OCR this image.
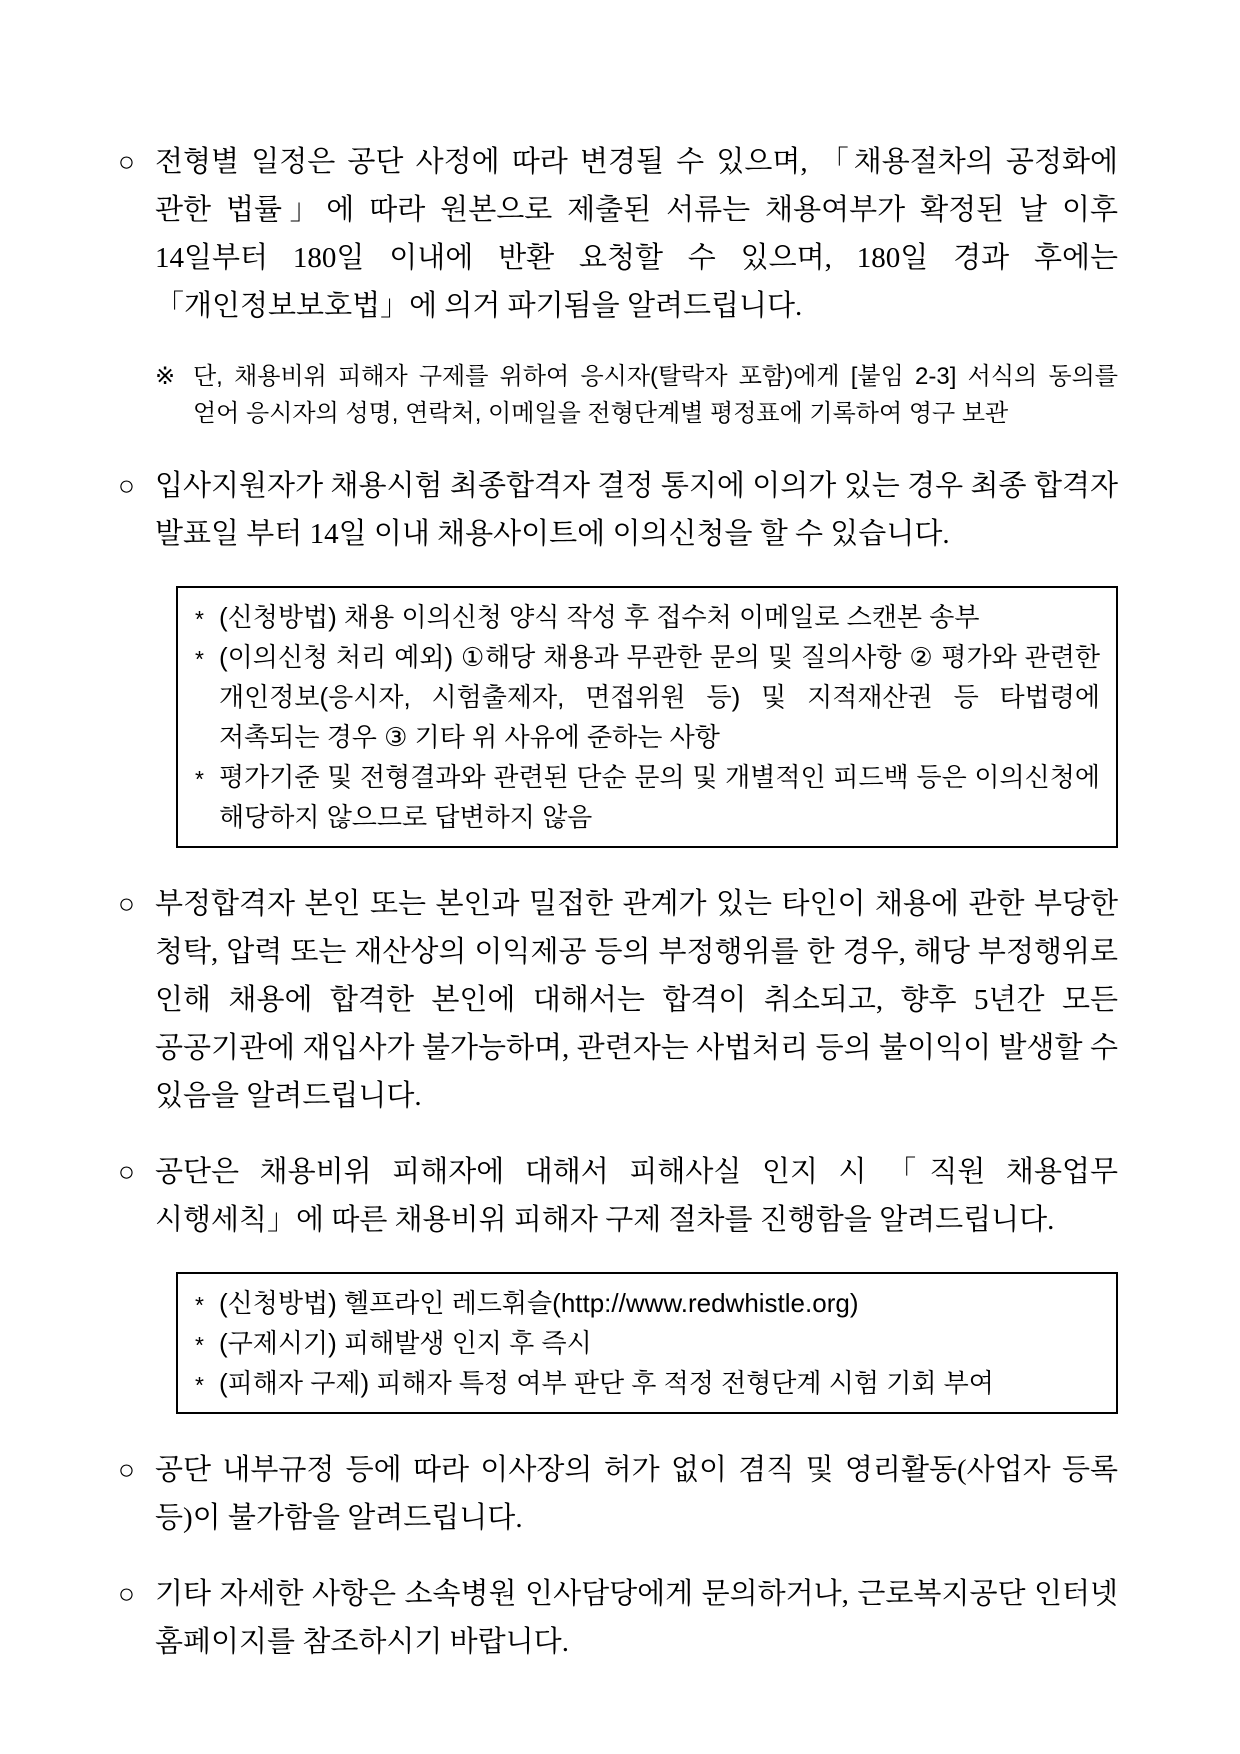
○ 전형별 일정은 공단 사정에 따라 변경될 수 있으며, 「채용절차의 공정화에 관한 법률」에 따라 원본으로 제출된 서류는 채용여부가 확정된 날 이후 14일부터 180일 이내에 반환 요청할 수 있으며, 180일 경과 후에는 「개인정보보호법」에 의거 파기됨을 알려드립니다.
※ 단, 채용비위 피해자 구제를 위하여 응시자(탈락자 포함)에게 [붙임 2-3] 서식의 동의를 얻어 응시자의 성명, 연락처, 이메일을 전형단계별 평정표에 기록하여 영구 보관
○ 입사지원자가 채용시험 최종합격자 결정 통지에 이의가 있는 경우 최종 합격자 발표일 부터 14일 이내 채용사이트에 이의신청을 할 수 있습니다.
* (신청방법) 채용 이의신청 양식 작성 후 접수처 이메일로 스캔본 송부
* (이의신청 처리 예외) ①해당 채용과 무관한 문의 및 질의사항 ② 평가와 관련한 개인정보(응시자, 시험출제자, 면접위원 등) 및 지적재산권 등 타법령에 저촉되는 경우 ③ 기타 위 사유에 준하는 사항
* 평가기준 및 전형결과와 관련된 단순 문의 및 개별적인 피드백 등은 이의신청에 해당하지 않으므로 답변하지 않음
○ 부정합격자 본인 또는 본인과 밀접한 관계가 있는 타인이 채용에 관한 부당한 청탁, 압력 또는 재산상의 이익제공 등의 부정행위를 한 경우, 해당 부정행위로 인해 채용에 합격한 본인에 대해서는 합격이 취소되고, 향후 5년간 모든 공공기관에 재입사가 불가능하며, 관련자는 사법처리 등의 불이익이 발생할 수 있음을 알려드립니다.
○ 공단은 채용비위 피해자에 대해서 피해사실 인지 시 「직원 채용업무 시행세칙」에 따른 채용비위 피해자 구제 절차를 진행함을 알려드립니다.
* (신청방법) 헬프라인 레드휘슬(http://www.redwhistle.org)
* (구제시기) 피해발생 인지 후 즉시
* (피해자 구제) 피해자 특정 여부 판단 후 적정 전형단계 시험 기회 부여
○ 공단 내부규정 등에 따라 이사장의 허가 없이 겸직 및 영리활동(사업자 등록 등)이 불가함을 알려드립니다.
○ 기타 자세한 사항은 소속병원 인사담당에게 문의하거나, 근로복지공단 인터넷 홈페이지를 참조하시기 바랍니다.
